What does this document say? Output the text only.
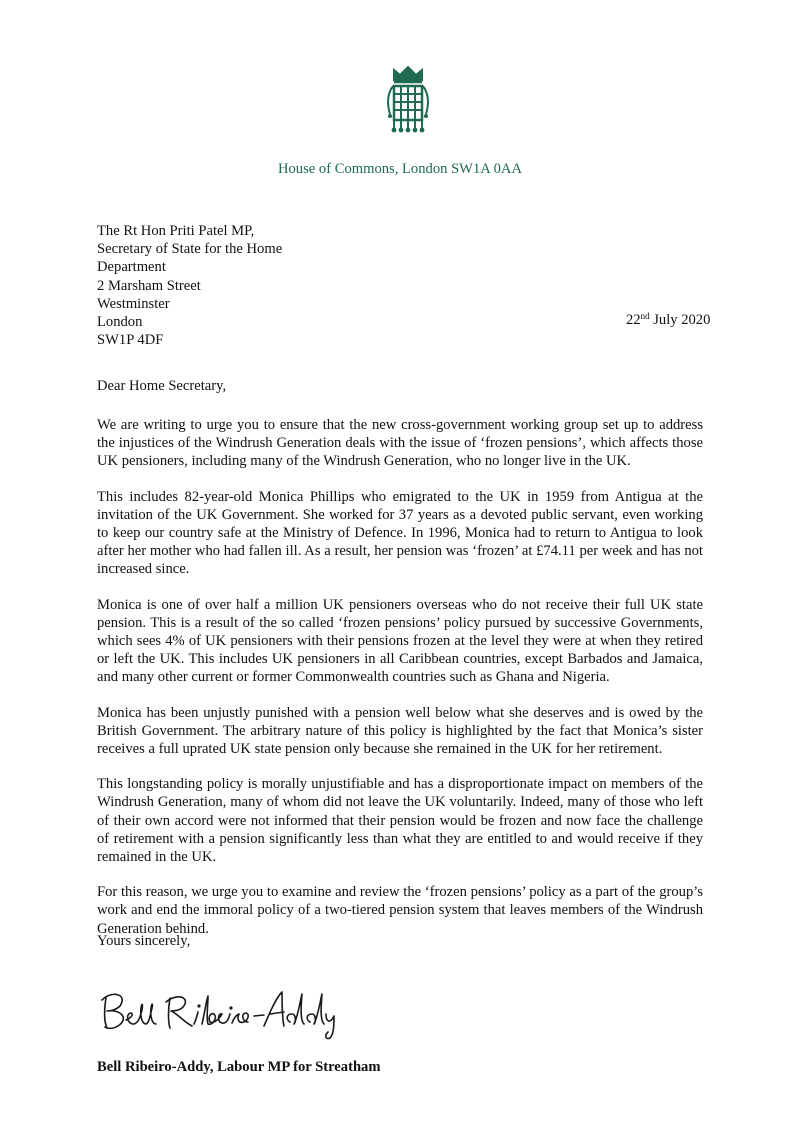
House of Commons, London SW1A 0AA
The Rt Hon Priti Patel MP,
Secretary of State for the Home
Department
2 Marsham Street
Westminster
London
SW1P 4DF
22nd July 2020
Dear Home Secretary,

We are writing to urge you to ensure that the new cross-government working group set up to address the injustices of the Windrush Generation deals with the issue of ‘frozen pensions’, which affects those UK pensioners, including many of the Windrush Generation, who no longer live in the UK.

This includes 82-year-old Monica Phillips who emigrated to the UK in 1959 from Antigua at the invitation of the UK Government. She worked for 37 years as a devoted public servant, even working to keep our country safe at the Ministry of Defence. In 1996, Monica had to return to Antigua to look after her mother who had fallen ill. As a result, her pension was ‘frozen’ at £74.11 per week and has not increased since.

Monica is one of over half a million UK pensioners overseas who do not receive their full UK state pension. This is a result of the so called ‘frozen pensions’ policy pursued by successive Governments, which sees 4% of UK pensioners with their pensions frozen at the level they were at when they retired or left the UK. This includes UK pensioners in all Caribbean countries, except Barbados and Jamaica, and many other current or former Commonwealth countries such as Ghana and Nigeria.

Monica has been unjustly punished with a pension well below what she deserves and is owed by the British Government. The arbitrary nature of this policy is highlighted by the fact that Monica’s sister receives a full uprated UK state pension only because she remained in the UK for her retirement.

This longstanding policy is morally unjustifiable and has a disproportionate impact on members of the Windrush Generation, many of whom did not leave the UK voluntarily. Indeed, many of those who left of their own accord were not informed that their pension would be frozen and now face the challenge of retirement with a pension significantly less than what they are entitled to and would receive if they remained in the UK.

For this reason, we urge you to examine and review the ‘frozen pensions’ policy as a part of the group’s work and end the immoral policy of a two-tiered pension system that leaves members of the Windrush Generation behind.

Yours sincerely,
Bell Ribeiro-Addy, Labour MP for Streatham
